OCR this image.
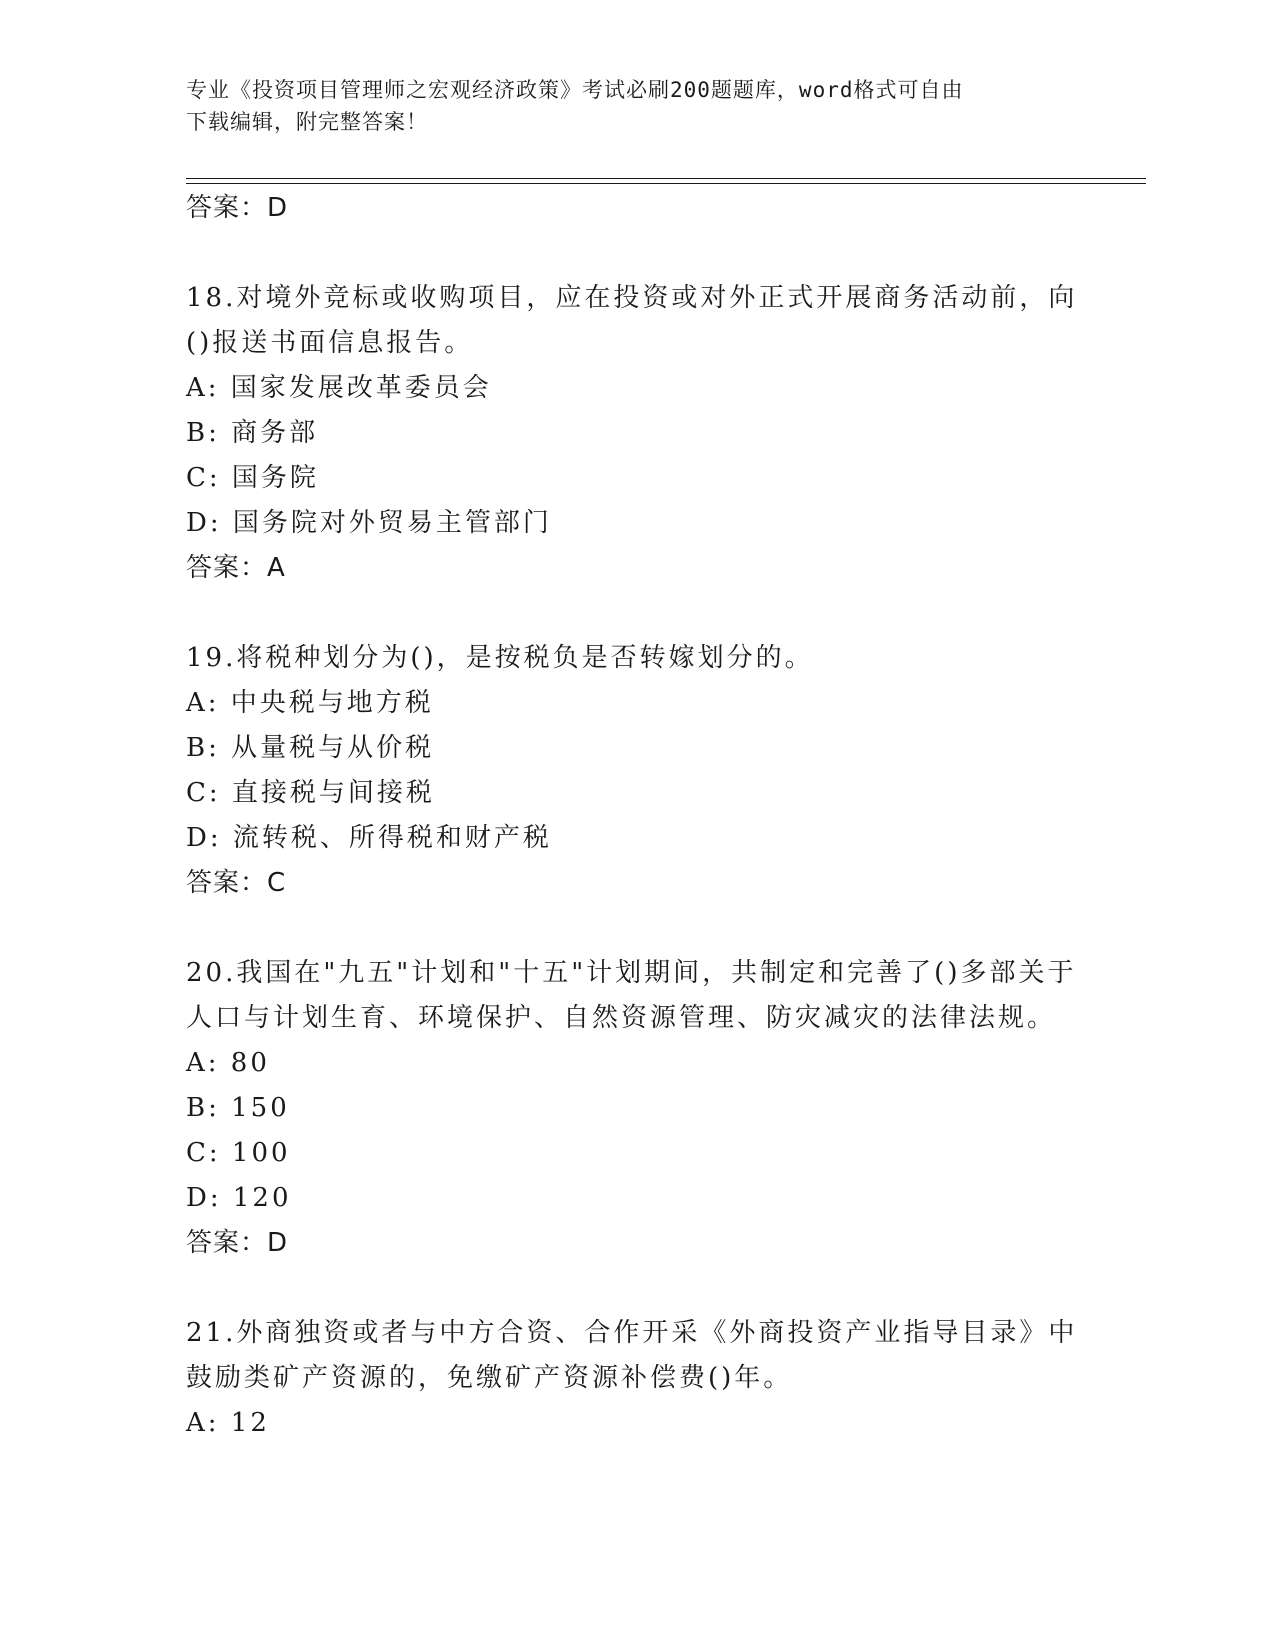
专业《投资项目管理师之宏观经济政策》考试必刷200题题库，word格式可自由
下载编辑，附完整答案！
答案：D
18.对境外竞标或收购项目，应在投资或对外正式开展商务活动前，向
()报送书面信息报告。
A: 国家发展改革委员会
B: 商务部
C: 国务院
D: 国务院对外贸易主管部门
答案：A
19.将税种划分为()，是按税负是否转嫁划分的。
A: 中央税与地方税
B: 从量税与从价税
C: 直接税与间接税
D: 流转税、所得税和财产税
答案：C
20.我国在"九五"计划和"十五"计划期间，共制定和完善了()多部关于
人口与计划生育、环境保护、自然资源管理、防灾减灾的法律法规。
A: 80
B: 150
C: 100
D: 120
答案：D
21.外商独资或者与中方合资、合作开采《外商投资产业指导目录》中
鼓励类矿产资源的，免缴矿产资源补偿费()年。
A: 12
